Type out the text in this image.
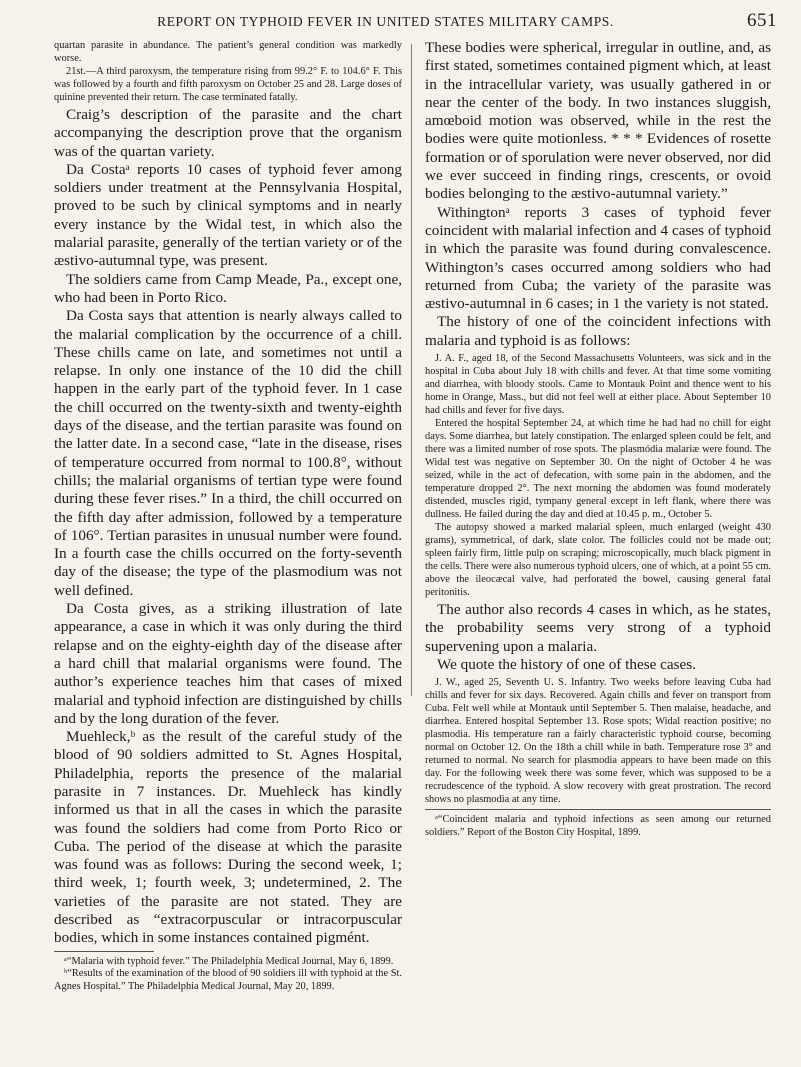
REPORT ON TYPHOID FEVER IN UNITED STATES MILITARY CAMPS.	651

quartan parasite in abundance. The patient’s general condition was markedly worse.

21st.—A third paroxysm, the temperature rising from 99.2° F. to 104.6° F. This was followed by a fourth and fifth paroxysm on October 25 and 28. Large doses of quinine prevented their return. The case terminated fatally.

Craig’s description of the parasite and the chart accompanying the description prove that the organism was of the quartan variety.

Da Costaᵃ reports 10 cases of typhoid fever among soldiers under treatment at the Pennsylvania Hospital, proved to be such by clinical symptoms and in nearly every instance by the Widal test, in which also the malarial parasite, generally of the tertian variety or of the æstivo-autumnal type, was present.

The soldiers came from Camp Meade, Pa., except one, who had been in Porto Rico.

Da Costa says that attention is nearly always called to the malarial complication by the occurrence of a chill. These chills came on late, and sometimes not until a relapse. In only one instance of the 10 did the chill happen in the early part of the typhoid fever. In 1 case the chill occurred on the twenty-sixth and twenty-eighth days of the disease, and the tertian parasite was found on the latter date. In a second case, “late in the disease, rises of temperature occurred from normal to 100.8°, without chills; the malarial organisms of tertian type were found during these fever rises.” In a third, the chill occurred on the fifth day after admission, followed by a temperature of 106°. Tertian parasites in unusual number were found. In a fourth case the chills occurred on the forty-seventh day of the disease; the type of the plasmodium was not well defined.

Da Costa gives, as a striking illustration of late appearance, a case in which it was only during the third relapse and on the eighty-eighth day of the disease after a hard chill that malarial organisms were found. The author’s experience teaches him that cases of mixed malarial and typhoid infection are distinguished by chills and by the long duration of the fever.

Muehleck,ᵇ as the result of the careful study of the blood of 90 soldiers admitted to St. Agnes Hospital, Philadelphia, reports the presence of the malarial parasite in 7 instances. Dr. Muehleck has kindly informed us that in all the cases in which the parasite was found the soldiers had come from Porto Rico or Cuba. The period of the disease at which the parasite was found was as follows: During the second week, 1; third week, 1; fourth week, 3; undetermined, 2. The varieties of the parasite are not stated. They are described as “extracorpuscular or intracorpuscular bodies, which in some instances contained pigmént.

ᵃ“Malaria with typhoid fever.” The Philadelphia Medical Journal, May 6, 1899.

ᵇ“Results of the examination of the blood of 90 soldiers ill with typhoid at the St. Agnes Hospital.” The Philadelphia Medical Journal, May 20, 1899.

These bodies were spherical, irregular in outline, and, as first stated, sometimes contained pigment which, at least in the intracellular variety, was usually gathered in or near the center of the body. In two instances sluggish, amœboid motion was observed, while in the rest the bodies were quite motionless. * * * Evidences of rosette formation or of sporulation were never observed, nor did we ever succeed in finding rings, crescents, or ovoid bodies belonging to the æstivo-autumnal variety.”

Withingtonᵃ reports 3 cases of typhoid fever coincident with malarial infection and 4 cases of typhoid in which the parasite was found during convalescence. Withington’s cases occurred among soldiers who had returned from Cuba; the variety of the parasite was æstivo-autumnal in 6 cases; in 1 the variety is not stated.

The history of one of the coincident infections with malaria and typhoid is as follows:

J. A. F., aged 18, of the Second Massachusetts Volunteers, was sick and in the hospital in Cuba about July 18 with chills and fever. At that time some vomiting and diarrhea, with bloody stools. Came to Montauk Point and thence went to his home in Orange, Mass., but did not feel well at either place. About September 10 had chills and fever for five days.

Entered the hospital September 24, at which time he had had no chill for eight days. Some diarrhea, but lately constipation. The enlarged spleen could be felt, and there was a limited number of rose spots. The plasmódia malariæ were found. The Widal test was negative on September 30. On the night of October 4 he was seized, while in the act of defecation, with some pain in the abdomen, and the temperature dropped 2°. The next morning the abdomen was found moderately distended, muscles rigid, tympany general except in left flank, where there was dullness. He failed during the day and died at 10.45 p. m., October 5.

The autopsy showed a marked malarial spleen, much enlarged (weight 430 grams), symmetrical, of dark, slate color. The follicles could not be made out; spleen fairly firm, little pulp on scraping; microscopically, much black pigment in the cells. There were also numerous typhoid ulcers, one of which, at a point 55 cm. above the ileocæcal valve, had perforated the bowel, causing general fatal peritonitis.

The author also records 4 cases in which, as he states, the probability seems very strong of a typhoid supervening upon a malaria.

We quote the history of one of these cases.

J. W., aged 25, Seventh U. S. Infantry. Two weeks before leaving Cuba had chills and fever for six days. Recovered. Again chills and fever on transport from Cuba. Felt well while at Montauk until September 5. Then malaise, headache, and diarrhea. Entered hospital September 13. Rose spots; Widal reaction positive; no plasmodia. His temperature ran a fairly characteristic typhoid course, becoming normal on October 12. On the 18th a chill while in bath. Temperature rose 3° and returned to normal. No search for plasmodia appears to have been made on this day. For the following week there was some fever, which was supposed to be a recrudescence of the typhoid. A slow recovery with great prostration. The record shows no plasmodia at any time.

ᵃ“Coincident malaria and typhoid infections as seen among our returned soldiers.” Report of the Boston City Hospital, 1899.
